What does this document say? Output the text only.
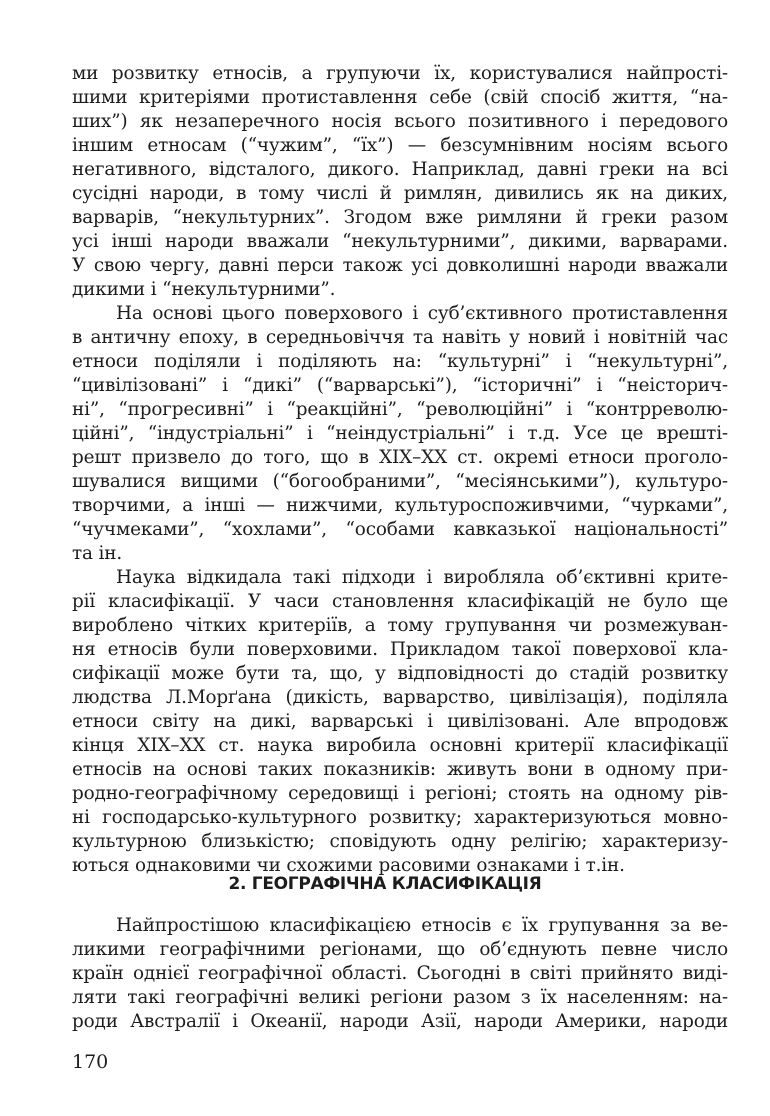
ми розвитку етносів, а групуючи їх, користувалися найпрості-
шими критеріями протиставлення себе (свій спосіб життя, “на-
ших”) як незаперечного носія всього позитивного і передового
іншим етносам (“чужим”, “їх”) — безсумнівним носіям всього
негативного, відсталого, дикого. Наприклад, давні греки на всі
сусідні народи, в тому числі й римлян, дивились як на диких,
варварів, “некультурних”. Згодом вже римляни й греки разом
усі інші народи вважали “некультурними”, дикими, варварами.
У свою чергу, давні перси також усі довколишні народи вважали
дикими і “некультурними”.
На основі цього поверхового і суб’єктивного протиставлення
в античну епоху, в середньовіччя та навіть у новий і новітній час
етноси поділяли і поділяють на: “культурні” і “некультурні”,
“цивілізовані” і “дикі” (“варварські”), “історичні” і “неісторич-
ні”, “прогресивні” і “реакційні”, “революційні” і “контрреволю-
ційні”, “індустріальні” і “неіндустріальні” і т.д. Усе це врешті-
решт призвело до того, що в XIX–XX ст. окремі етноси проголо-
шувалися вищими (“богообраними”, “месіянськими”), культуро-
творчими, а інші — нижчими, культуроспоживчими, “чурками”,
“чучмеками”, “хохлами”, “особами кавказької національності”
та ін.
Наука відкидала такі підходи і виробляла об’єктивні крите-
рії класифікації. У часи становлення класифікацій не було ще
вироблено чітких критеріїв, а тому групування чи розмежуван-
ня етносів були поверховими. Прикладом такої поверхової кла-
сифікації може бути та, що, у відповідності до стадій розвитку
людства Л.Морґана (дикість, варварство, цивілізація), поділяла
етноси світу на дикі, варварські і цивілізовані. Але впродовж
кінця XIX–XX ст. наука виробила основні критерії класифікації
етносів на основі таких показників: живуть вони в одному при-
родно-географічному середовищі і регіоні; стоять на одному рів-
ні господарсько-культурного розвитку; характеризуються мовно-
культурною близькістю; сповідують одну релігію; характеризу-
ються однаковими чи схожими расовими ознаками і т.ін.
2. ГЕОГРАФІЧНА КЛАСИФІКАЦІЯ
Найпростішою класифікацією етносів є їх групування за ве-
ликими географічними регіонами, що об’єднують певне число
країн однієї географічної області. Сьогодні в світі прийнято виді-
ляти такі географічні великі регіони разом з їх населенням: на-
роди Австралії і Океанії, народи Азії, народи Америки, народи
170
